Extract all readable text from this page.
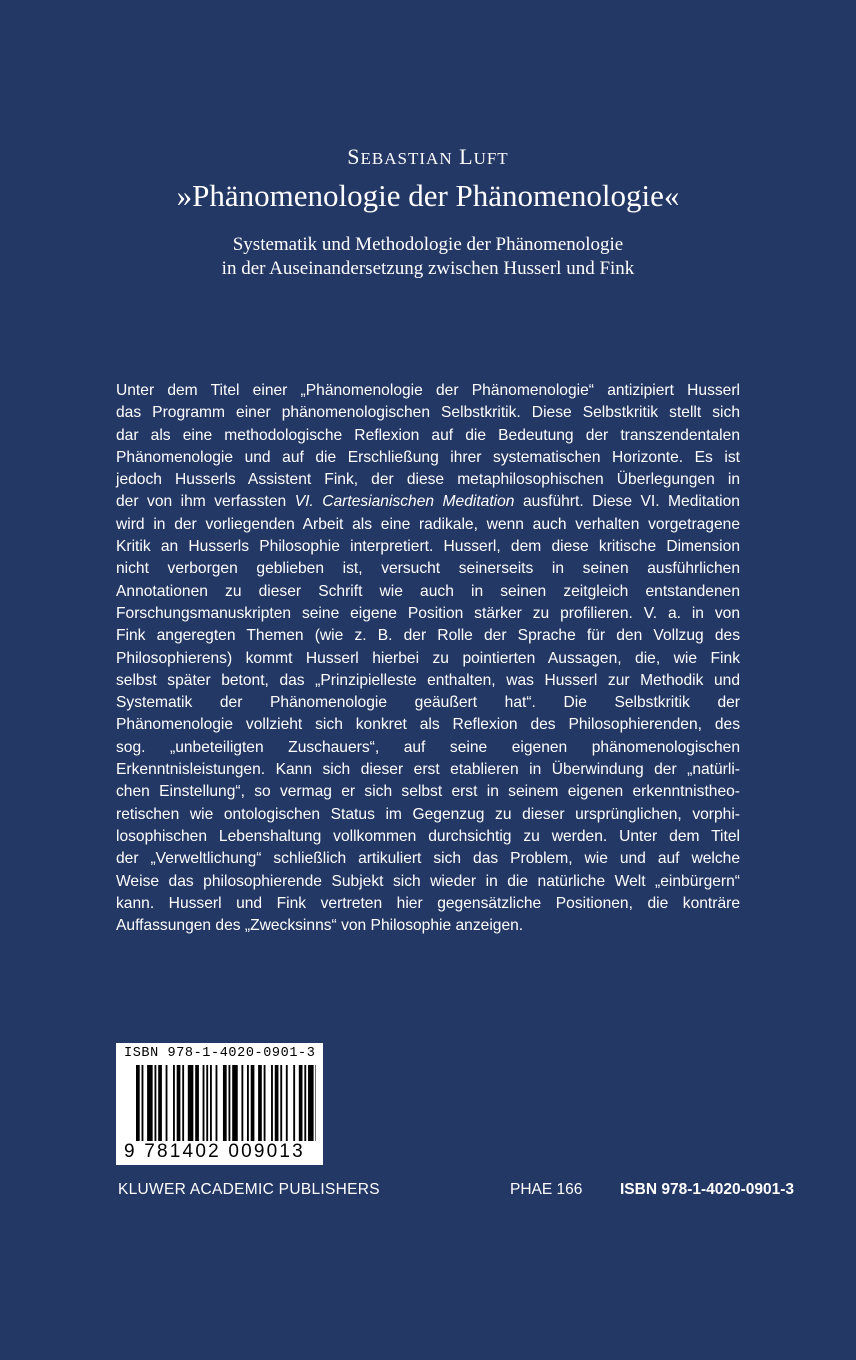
SEBASTIAN LUFT
»Phänomenologie der Phänomenologie«
Systematik und Methodologie der Phänomenologie
in der Auseinandersetzung zwischen Husserl und Fink
Unter dem Titel einer „Phänomenologie der Phänomenologie“ antizipiert Husserl
das Programm einer phänomenologischen Selbstkritik. Diese Selbstkritik stellt sich
dar als eine methodologische Reflexion auf die Bedeutung der transzendentalen
Phänomenologie und auf die Erschließung ihrer systematischen Horizonte. Es ist
jedoch Husserls Assistent Fink, der diese metaphilosophischen Überlegungen in
der von ihm verfassten VI. Cartesianischen Meditation ausführt. Diese VI. Meditation
wird in der vorliegenden Arbeit als eine radikale, wenn auch verhalten vorgetragene
Kritik an Husserls Philosophie interpretiert. Husserl, dem diese kritische Dimension
nicht verborgen geblieben ist, versucht seinerseits in seinen ausführlichen
Annotationen zu dieser Schrift wie auch in seinen zeitgleich entstandenen
Forschungsmanuskripten seine eigene Position stärker zu profilieren. V. a. in von
Fink angeregten Themen (wie z. B. der Rolle der Sprache für den Vollzug des
Philosophierens) kommt Husserl hierbei zu pointierten Aussagen, die, wie Fink
selbst später betont, das „Prinzipielleste enthalten, was Husserl zur Methodik und
Systematik der Phänomenologie geäußert hat“. Die Selbstkritik der
Phänomenologie vollzieht sich konkret als Reflexion des Philosophierenden, des
sog. „unbeteiligten Zuschauers“, auf seine eigenen phänomenologischen
Erkenntnisleistungen. Kann sich dieser erst etablieren in Überwindung der „natürli-
chen Einstellung“, so vermag er sich selbst erst in seinem eigenen erkenntnistheo-
retischen wie ontologischen Status im Gegenzug zu dieser ursprünglichen, vorphi-
losophischen Lebenshaltung vollkommen durchsichtig zu werden. Unter dem Titel
der „Verweltlichung“ schließlich artikuliert sich das Problem, wie und auf welche
Weise das philosophierende Subjekt sich wieder in die natürliche Welt „einbürgern“
kann. Husserl und Fink vertreten hier gegensätzliche Positionen, die konträre
Auffassungen des „Zwecksinns“ von Philosophie anzeigen.
ISBN 978-1-4020-0901-3
9 781402 009013
KLUWER ACADEMIC PUBLISHERS	PHAE 166 ISBN 978-1-4020-0901-3
